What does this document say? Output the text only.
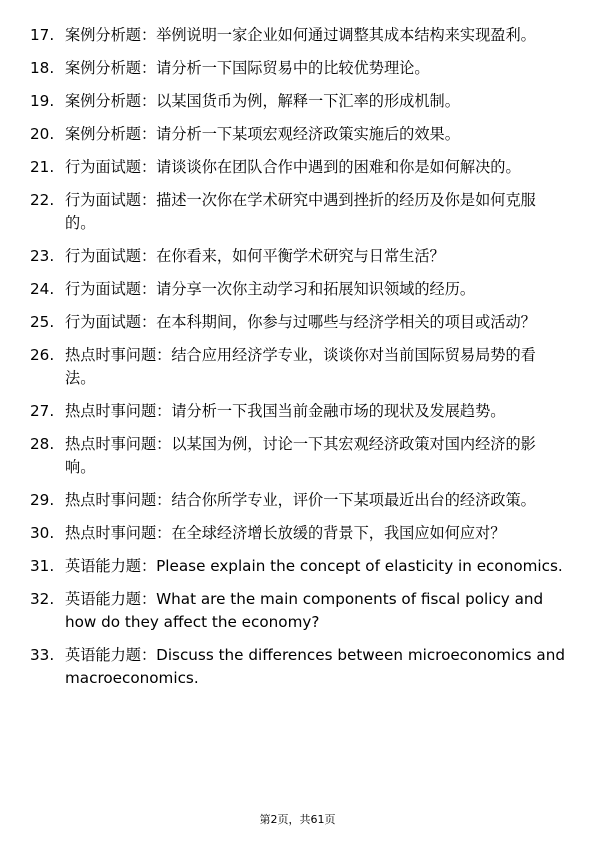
17. 案例分析题：举例说明一家企业如何通过调整其成本结构来实现盈利。
18. 案例分析题：请分析一下国际贸易中的比较优势理论。
19. 案例分析题：以某国货币为例，解释一下汇率的形成机制。
20. 案例分析题：请分析一下某项宏观经济政策实施后的效果。
21. 行为面试题：请谈谈你在团队合作中遇到的困难和你是如何解决的。
22. 行为面试题：描述一次你在学术研究中遇到挫折的经历及你是如何克服的。
23. 行为面试题：在你看来，如何平衡学术研究与日常生活？
24. 行为面试题：请分享一次你主动学习和拓展知识领域的经历。
25. 行为面试题：在本科期间，你参与过哪些与经济学相关的项目或活动？
26. 热点时事问题：结合应用经济学专业，谈谈你对当前国际贸易局势的看法。
27. 热点时事问题：请分析一下我国当前金融市场的现状及发展趋势。
28. 热点时事问题：以某国为例，讨论一下其宏观经济政策对国内经济的影响。
29. 热点时事问题：结合你所学专业，评价一下某项最近出台的经济政策。
30. 热点时事问题：在全球经济增长放缓的背景下，我国应如何应对？
31. 英语能力题：Please explain the concept of elasticity in economics.
32. 英语能力题：What are the main components of fiscal policy and how do they affect the economy?
33. 英语能力题：Discuss the differences between microeconomics and macroeconomics.
第2页，共61页
